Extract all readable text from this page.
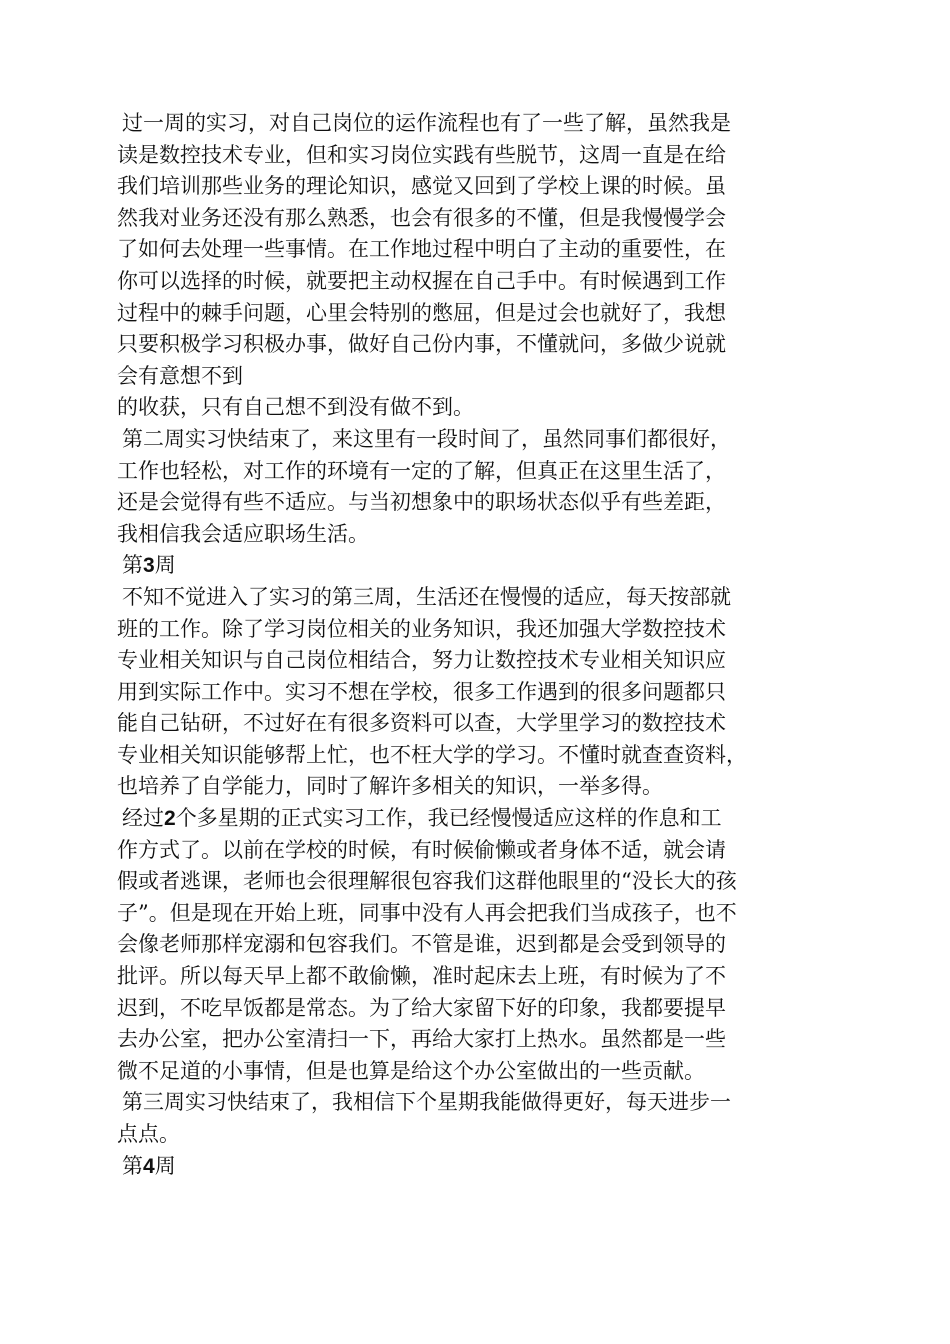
过一周的实习，对自己岗位的运作流程也有了一些了解，虽然我是
读是数控技术专业，但和实习岗位实践有些脱节，这周一直是在给
我们培训那些业务的理论知识，感觉又回到了学校上课的时候。虽
然我对业务还没有那么熟悉，也会有很多的不懂，但是我慢慢学会
了如何去处理一些事情。在工作地过程中明白了主动的重要性，在
你可以选择的时候，就要把主动权握在自己手中。有时候遇到工作
过程中的棘手问题，心里会特别的憋屈，但是过会也就好了，我想
只要积极学习积极办事，做好自己份内事，不懂就问，多做少说就
会有意想不到
的收获，只有自己想不到没有做不到。
第二周实习快结束了，来这里有一段时间了，虽然同事们都很好，
工作也轻松，对工作的环境有一定的了解，但真正在这里生活了，
还是会觉得有些不适应。与当初想象中的职场状态似乎有些差距，
我相信我会适应职场生活。
第3周
不知不觉进入了实习的第三周，生活还在慢慢的适应，每天按部就
班的工作。除了学习岗位相关的业务知识，我还加强大学数控技术
专业相关知识与自己岗位相结合，努力让数控技术专业相关知识应
用到实际工作中。实习不想在学校，很多工作遇到的很多问题都只
能自己钻研，不过好在有很多资料可以查，大学里学习的数控技术
专业相关知识能够帮上忙，也不枉大学的学习。不懂时就查查资料，
也培养了自学能力，同时了解许多相关的知识，一举多得。
经过2个多星期的正式实习工作，我已经慢慢适应这样的作息和工
作方式了。以前在学校的时候，有时候偷懒或者身体不适，就会请
假或者逃课，老师也会很理解很包容我们这群他眼里的“没长大的孩
子”。但是现在开始上班，同事中没有人再会把我们当成孩子，也不
会像老师那样宠溺和包容我们。不管是谁，迟到都是会受到领导的
批评。所以每天早上都不敢偷懒，准时起床去上班，有时候为了不
迟到，不吃早饭都是常态。为了给大家留下好的印象，我都要提早
去办公室，把办公室清扫一下，再给大家打上热水。虽然都是一些
微不足道的小事情，但是也算是给这个办公室做出的一些贡献。
第三周实习快结束了，我相信下个星期我能做得更好，每天进步一
点点。
第4周
